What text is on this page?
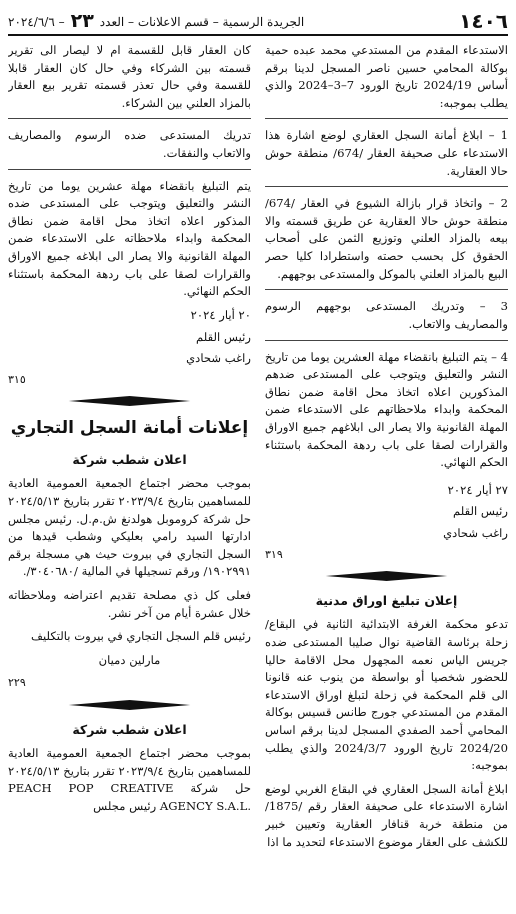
١٤٠٦
الجريدة الرسمية – قسم الاعلانات – العدد
٢٣
– ٢٠٢٤/٦/٦

الاستدعاء المقدم من المستدعي محمد عبده حمية بوكالة المحامي حسين ناصر المسجل لدينا برقم أساس 2024/19 تاريخ الورود 7–3–2024 والذي يطلب بموجبه:

1 – ابلاغ أمانة السجل العقاري لوضع اشارة هذا الاستدعاء على صحيفة العقار /674/ منطقة حوش حالا العقارية.

2 – واتخاذ قرار بازالة الشيوع في العقار /674/ منطقة حوش حالا العقارية عن طريق قسمته والا بيعه بالمزاد العلني وتوزيع الثمن على أصحاب الحقوق كل بحسب حصته واستطرادا كليا حصر البيع بالمزاد العلني بالموكل والمستدعى بوجههم.

3 – وتدريك المستدعى بوجههم الرسوم والمصاريف والاتعاب.

4 – يتم التبليغ بانقضاء مهلة العشرين يوما من تاريخ النشر والتعليق ويتوجب على المستدعى ضدهم المذكورين اعلاه اتخاذ محل اقامة ضمن نطاق المحكمة وابداء ملاحظاتهم على الاستدعاء ضمن المهلة القانونية والا يصار الى ابلاغهم جميع الاوراق والقرارات لصقا على باب ردهة المحكمة باستثناء الحكم النهائي.

٢٧ أيار ٢٠٢٤

رئيس القلم

راغب شحادي

٣١٩
إعلان تبليغ اوراق مدنية

تدعو محكمة الغرفة الابتدائية الثانية في البقاع/ زحلة برئاسة القاضية نوال صليبا المستدعى ضده جريس الياس نعمه المجهول محل الاقامة حاليا للحضور شخصيا أو بواسطة من ينوب عنه قانونا الى قلم المحكمة في زحلة لتبلغ اوراق الاستدعاء المقدم من المستدعي جورج طانس قسيس بوكالة المحامي أحمد الصفدي المسجل لدينا برقم اساس 2024/20 تاريخ الورود 2024/3/7 والذي يطلب بموجبه:

ابلاغ أمانة السجل العقاري في البقاع الغربي لوضع اشارة الاستدعاء على صحيفة العقار رقم /1875/ من منطقة خربة قنافار العقارية وتعيين خبير للكشف على العقار موضوع الاستدعاء لتحديد ما اذا

كان العقار قابل للقسمة ام لا ليصار الى تقرير قسمته بين الشركاء وفي حال كان العقار قابلا للقسمة وفي حال تعذر قسمته تقرير بيع العقار بالمزاد العلني بين الشركاء.

تدريك المستدعى ضده الرسوم والمصاريف والاتعاب والنفقات.

يتم التبليغ بانقضاء مهلة عشرين يوما من تاريخ النشر والتعليق ويتوجب على المستدعى ضده المذكور اعلاه اتخاذ محل اقامة ضمن نطاق المحكمة وابداء ملاحظاته على الاستدعاء ضمن المهلة القانونية والا يصار الى ابلاغه جميع الاوراق والقرارات لصقا على باب ردهة المحكمة باستثناء الحكم النهائي.

٢٠ أيار ٢٠٢٤

رئيس القلم

راغب شحادي

٣١٥
إعلانات أمانة السجل التجاري
اعلان شطب شركة

بموجب محضر اجتماع الجمعية العمومية العادية للمساهمين بتاريخ ٢٠٢٣/٩/٤ تقرر بتاريخ ٢٠٢٤/٥/١٣ حل شركة كروموبل هولدنغ ش.م.ل. رئيس مجلس ادارتها السيد رامي بعليكي وشطب قيدها من السجل التجاري في بيروت حيث هي مسجلة برقم ١٩٠٢٩٩١/ ورقم تسجيلها في المالية /٣٠٤٠٦٨٠/.

فعلى كل ذي مصلحة تقديم اعتراضه وملاحظاته خلال عشرة أيام من آخر نشر.

رئيس قلم السجل التجاري في بيروت بالتكليف

مارلين دميان

٢٢٩
اعلان شطب شركة

بموجب محضر اجتماع الجمعية العمومية العادية للمساهمين بتاريخ ٢٠٢٣/٩/٤ تقرر بتاريخ ٢٠٢٤/٥/١٣ حل شركة PEACH POP CREATIVE AGENCY S.A.L. رئيس مجلس
